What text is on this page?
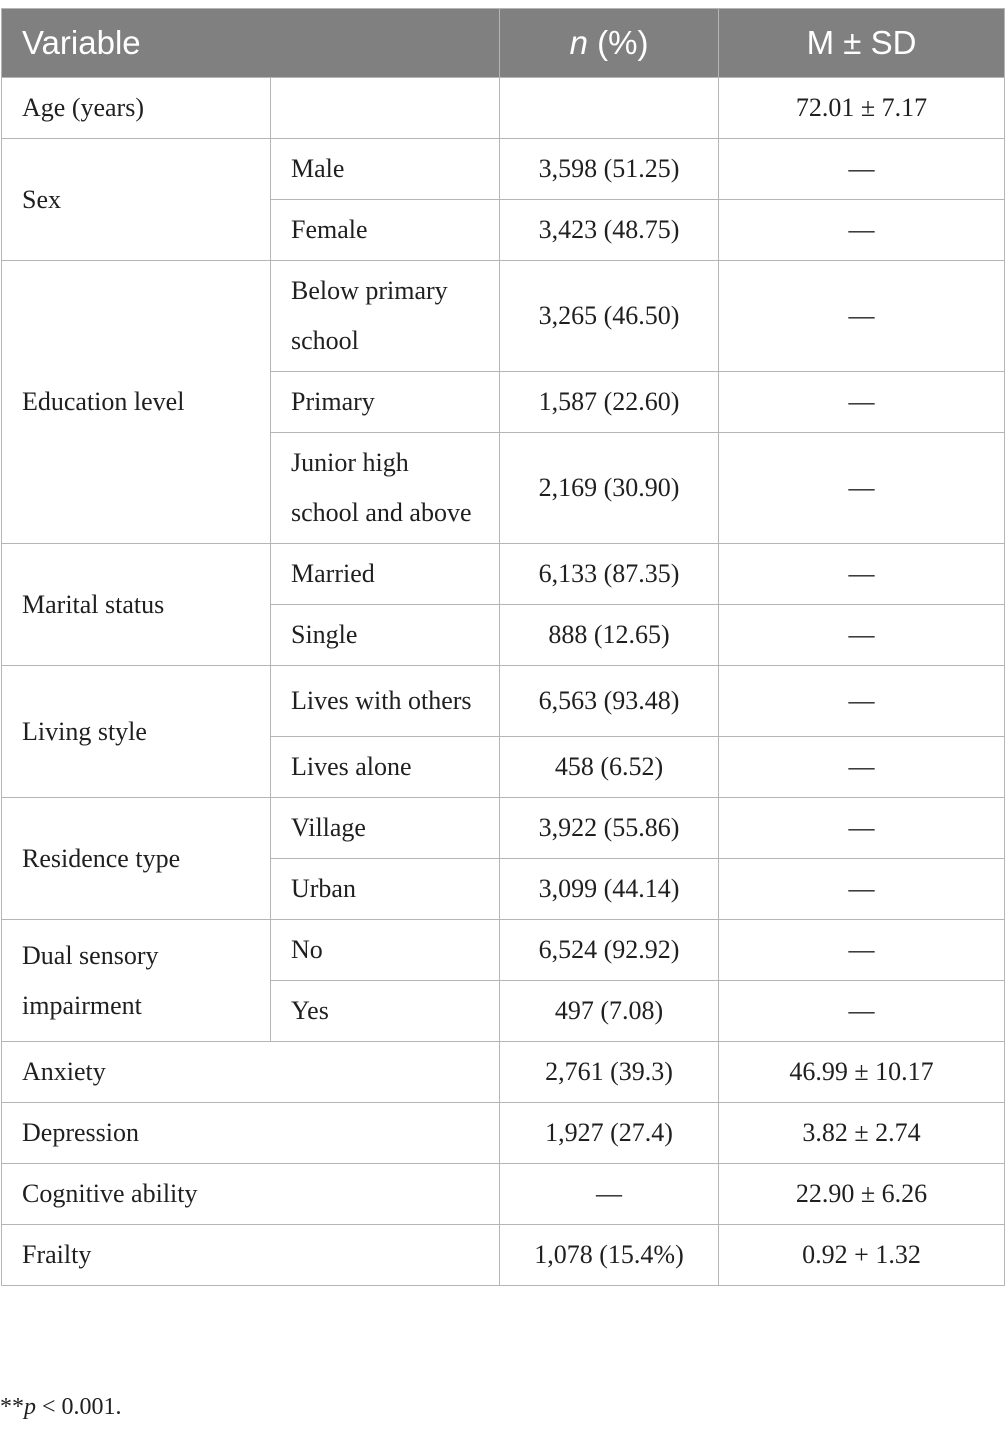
Variable		n (%)	M ± SD
Age (years)			72.01 ± 7.17
Sex	Male	3,598 (51.25)	—
	Female	3,423 (48.75)	—
Education level	Below primary school	3,265 (46.50)	—
	Primary	1,587 (22.60)	—
	Junior high school and above	2,169 (30.90)	—
Marital status	Married	6,133 (87.35)	—
	Single	888 (12.65)	—
Living style	Lives with others	6,563 (93.48)	—
	Lives alone	458 (6.52)	—
Residence type	Village	3,922 (55.86)	—
	Urban	3,099 (44.14)	—
Dual sensory impairment	No	6,524 (92.92)	—
	Yes	497 (7.08)	—
Anxiety		2,761 (39.3)	46.99 ± 10.17
Depression		1,927 (27.4)	3.82 ± 2.74
Cognitive ability		—	22.90 ± 6.26
Frailty		1,078 (15.4%)	0.92 + 1.32
**p < 0.001.
